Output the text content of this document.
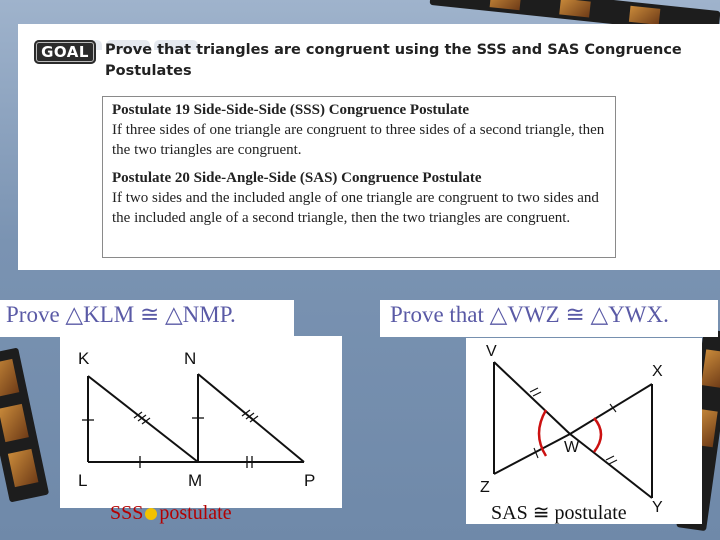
GOAL	Prove that triangles are congruent using the SSS and SAS Congruence Postulates
Postulate 19 Side-Side-Side (SSS) Congruence Postulate
If three sides of one triangle are congruent to three sides of a second triangle, then the two triangles are congruent.
Postulate 20 Side-Angle-Side (SAS) Congruence Postulate
If two sides and the included angle of one triangle are congruent to two sides and the included angle of a second triangle, then the two triangles are congruent.
Prove △KLM ≅ △NMP.
K	N
L	M	P
SSS postulate
Prove that △VWZ ≅ △YWX.
V
X
W
Z
Y
SAS ≅ postulate
